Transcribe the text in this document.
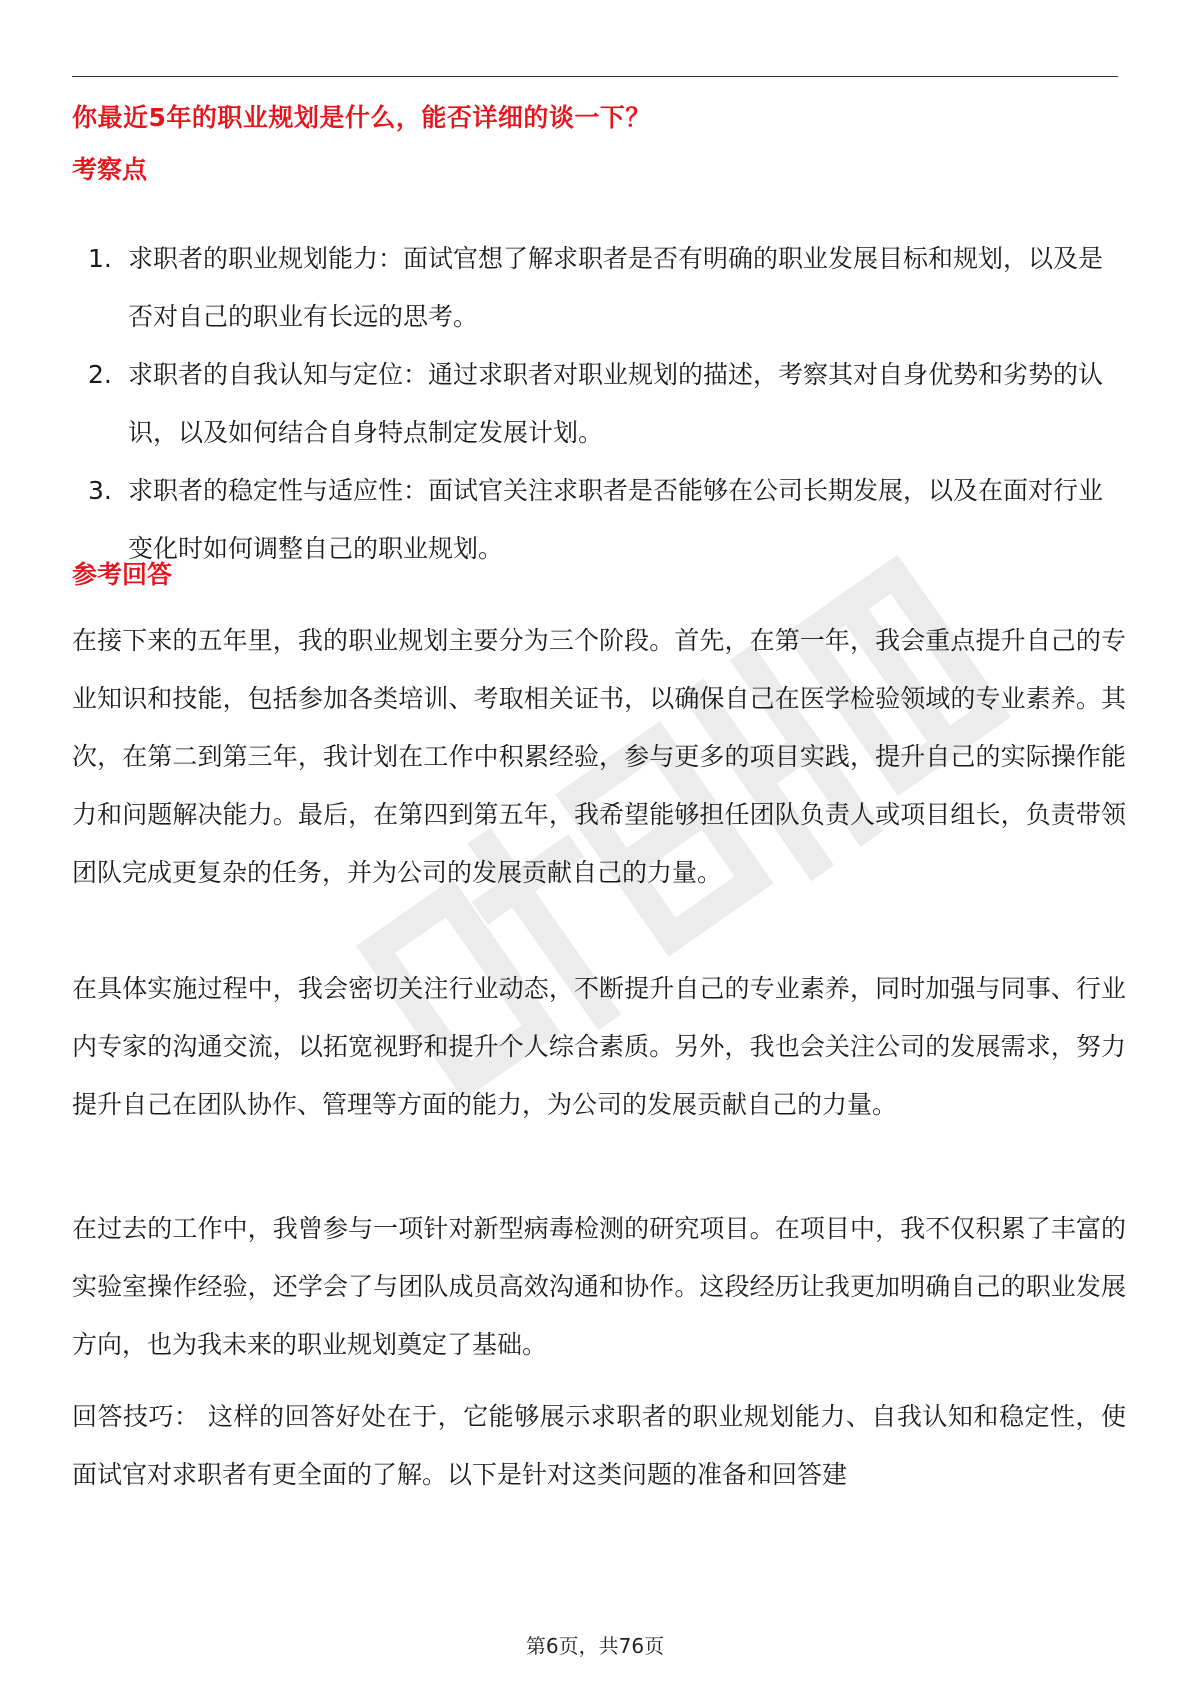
你最近5年的职业规划是什么，能否详细的谈一下？
考察点
1. 求职者的职业规划能力：面试官想了解求职者是否有明确的职业发展目标和规划，以及是否对自己的职业有长远的思考。
2. 求职者的自我认知与定位：通过求职者对职业规划的描述，考察其对自身优势和劣势的认识，以及如何结合自身特点制定发展计划。
3. 求职者的稳定性与适应性：面试官关注求职者是否能够在公司长期发展，以及在面对行业变化时如何调整自己的职业规划。
参考回答

在接下来的五年里，我的职业规划主要分为三个阶段。首先，在第一年，我会重点提升自己的专业知识和技能，包括参加各类培训、考取相关证书，以确保自己在医学检验领域的专业素养。其次，在第二到第三年，我计划在工作中积累经验，参与更多的项目实践，提升自己的实际操作能力和问题解决能力。最后，在第四到第五年，我希望能够担任团队负责人或项目组长，负责带领团队完成更复杂的任务，并为公司的发展贡献自己的力量。

在具体实施过程中，我会密切关注行业动态，不断提升自己的专业素养，同时加强与同事、行业内专家的沟通交流，以拓宽视野和提升个人综合素质。另外，我也会关注公司的发展需求，努力提升自己在团队协作、管理等方面的能力，为公司的发展贡献自己的力量。

在过去的工作中，我曾参与一项针对新型病毒检测的研究项目。在项目中，我不仅积累了丰富的实验室操作经验，还学会了与团队成员高效沟通和协作。这段经历让我更加明确自己的职业发展方向，也为我未来的职业规划奠定了基础。

回答技巧： 这样的回答好处在于，它能够展示求职者的职业规划能力、自我认知和稳定性，使面试官对求职者有更全面的了解。以下是针对这类问题的准备和回答建

第6页，共76页
